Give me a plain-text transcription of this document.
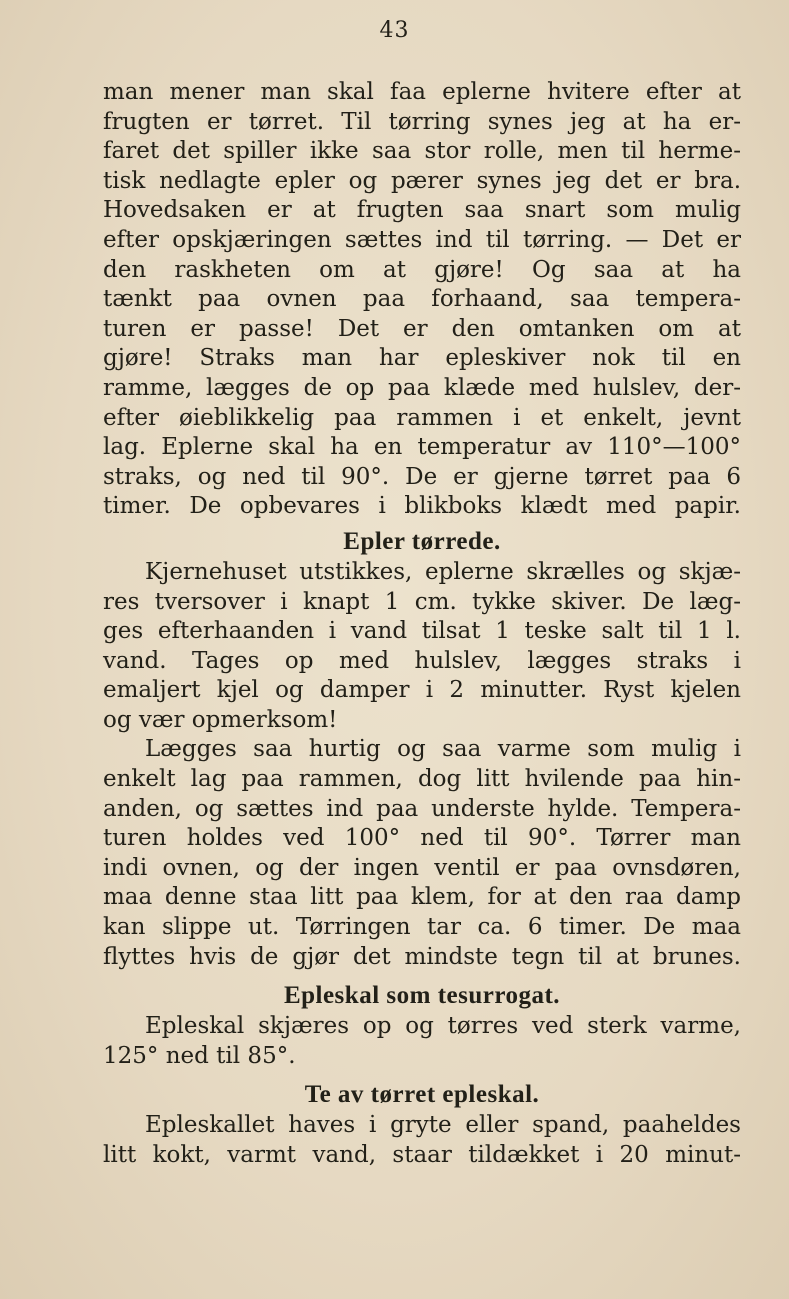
43
man mener man skal faa eplerne hvitere efter at
frugten er tørret. Til tørring synes jeg at ha er-
faret det spiller ikke saa stor rolle, men til herme-
tisk nedlagte epler og pærer synes jeg det er bra.
Hovedsaken er at frugten saa snart som mulig
efter opskjæringen sættes ind til tørring. — Det er
den raskheten om at gjøre! Og saa at ha
tænkt paa ovnen paa forhaand, saa tempera-
turen er passe! Det er den omtanken om at
gjøre! Straks man har epleskiver nok til en
ramme, lægges de op paa klæde med hulslev, der-
efter øieblikkelig paa rammen i et enkelt, jevnt
lag. Eplerne skal ha en temperatur av 110°—100°
straks, og ned til 90°. De er gjerne tørret paa 6
timer. De opbevares i blikboks klædt med papir.
Epler tørrede.
Kjernehuset utstikkes, eplerne skrælles og skjæ-
res tversover i knapt 1 cm. tykke skiver. De læg-
ges efterhaanden i vand tilsat 1 teske salt til 1 l.
vand. Tages op med hulslev, lægges straks i
emaljert kjel og damper i 2 minutter. Ryst kjelen
og vær opmerksom!
Lægges saa hurtig og saa varme som mulig i
enkelt lag paa rammen, dog litt hvilende paa hin-
anden, og sættes ind paa underste hylde. Tempera-
turen holdes ved 100° ned til 90°. Tørrer man
indi ovnen, og der ingen ventil er paa ovnsdøren,
maa denne staa litt paa klem, for at den raa damp
kan slippe ut. Tørringen tar ca. 6 timer. De maa
flyttes hvis de gjør det mindste tegn til at brunes.
Epleskal som tesurrogat.
Epleskal skjæres op og tørres ved sterk varme,
125° ned til 85°.
Te av tørret epleskal.
Epleskallet haves i gryte eller spand, paaheldes
litt kokt, varmt vand, staar tildækket i 20 minut-
